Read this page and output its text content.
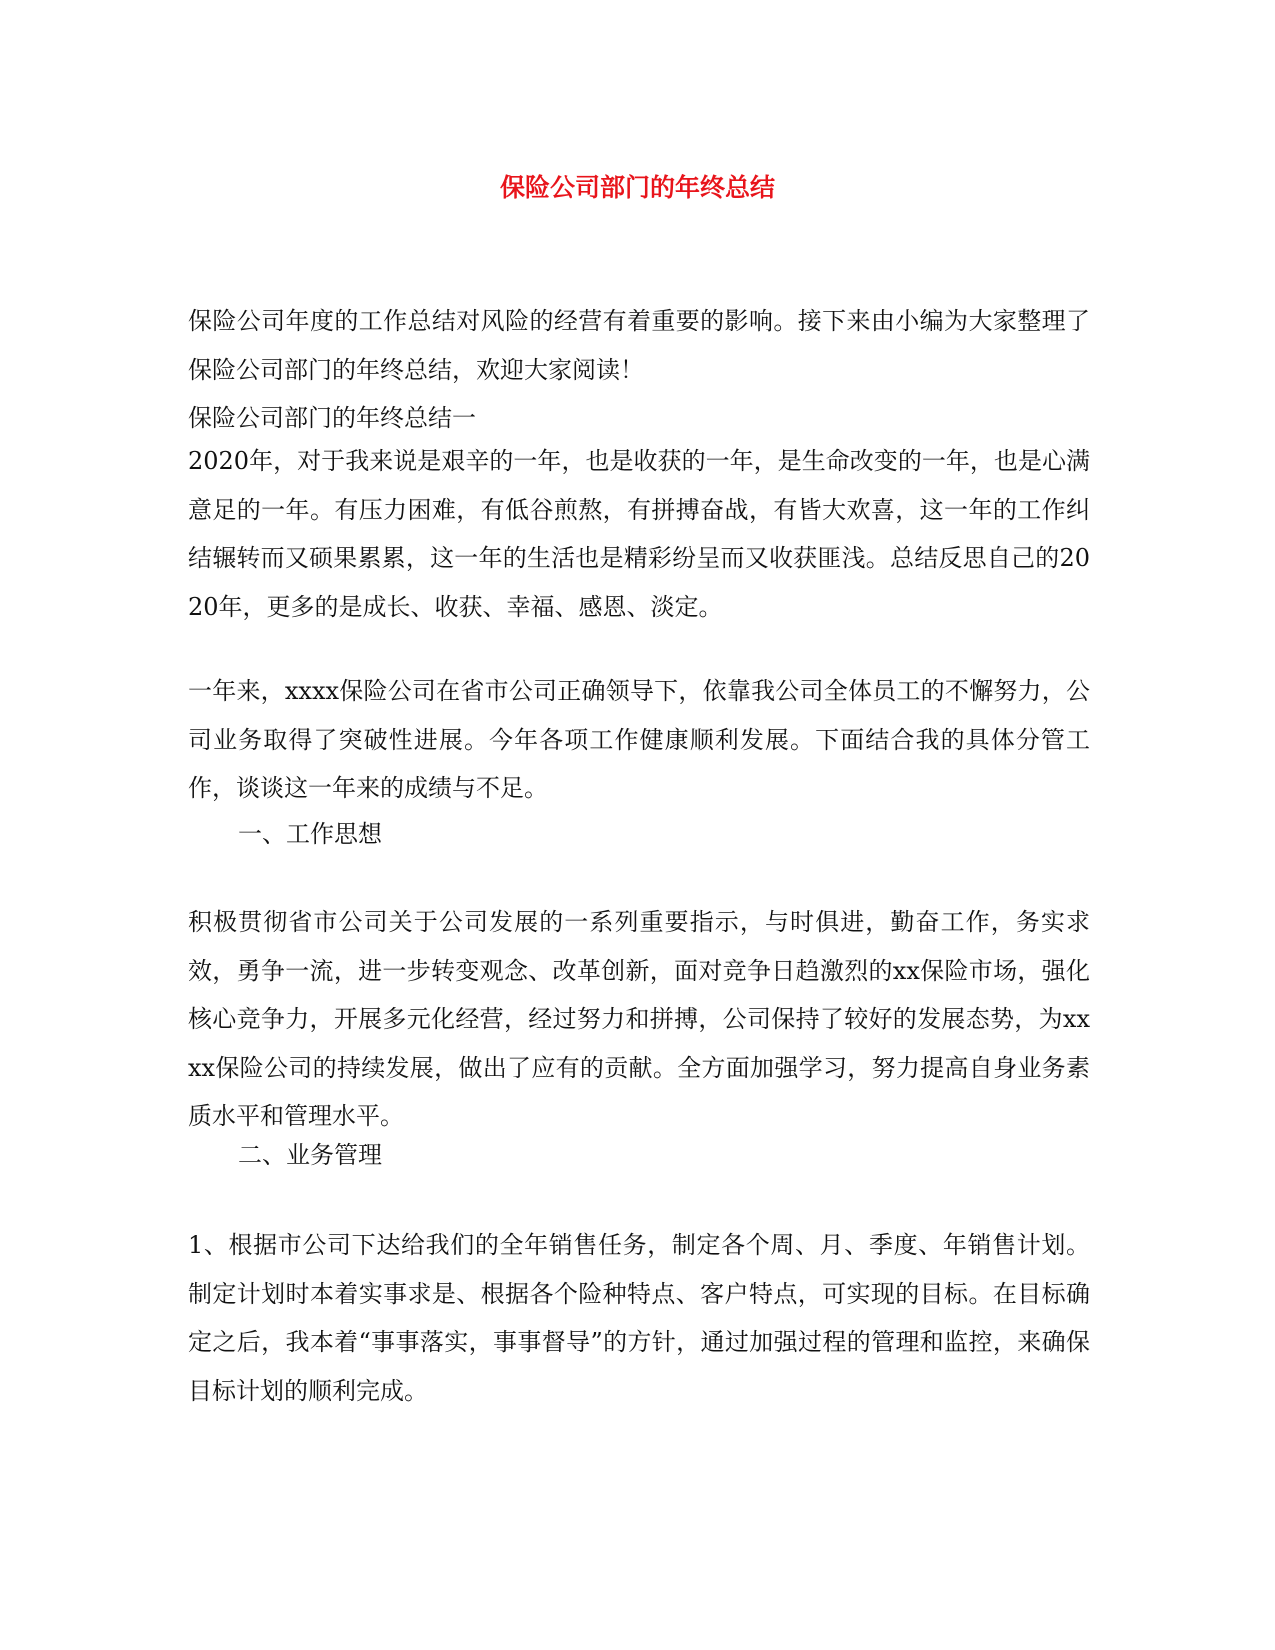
保险公司部门的年终总结

保险公司年度的工作总结对风险的经营有着重要的影响。接下来由小编为大家整理了保险公司部门的年终总结，欢迎大家阅读！

保险公司部门的年终总结一

2020年，对于我来说是艰辛的一年，也是收获的一年，是生命改变的一年，也是心满意足的一年。有压力困难，有低谷煎熬，有拼搏奋战，有皆大欢喜，这一年的工作纠结辗转而又硕果累累，这一年的生活也是精彩纷呈而又收获匪浅。总结反思自己的2020年，更多的是成长、收获、幸福、感恩、淡定。

一年来，xxxx保险公司在省市公司正确领导下，依靠我公司全体员工的不懈努力，公司业务取得了突破性进展。今年各项工作健康顺利发展。下面结合我的具体分管工作，谈谈这一年来的成绩与不足。

一、工作思想

积极贯彻省市公司关于公司发展的一系列重要指示，与时俱进，勤奋工作，务实求效，勇争一流，进一步转变观念、改革创新，面对竞争日趋激烈的xx保险市场，强化核心竞争力，开展多元化经营，经过努力和拼搏，公司保持了较好的发展态势，为xxxx保险公司的持续发展，做出了应有的贡献。全方面加强学习，努力提高自身业务素质水平和管理水平。

二、业务管理

1、根据市公司下达给我们的全年销售任务，制定各个周、月、季度、年销售计划。制定计划时本着实事求是、根据各个险种特点、客户特点，可实现的目标。在目标确定之后，我本着“事事落实，事事督导”的方针，通过加强过程的管理和监控，来确保目标计划的顺利完成。
